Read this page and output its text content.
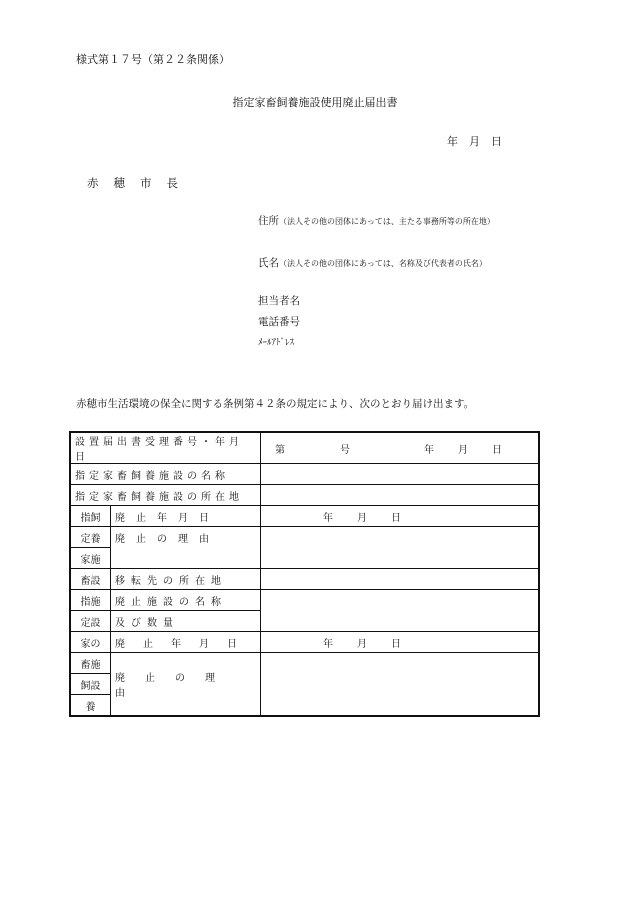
様式第１７号（第２２条関係）
指定家畜飼養施設使用廃止届出書
年　月　日
赤穂市長
住所（法人その他の団体にあっては、主たる事務所等の所在地）
氏名（法人その他の団体にあっては、名称及び代表者の氏名）
担当者名
電話番号
ﾒｰﾙｱﾄﾞﾚｽ
赤穂市生活環境の保全に関する条例第４２条の規定により、次のとおり届け出ます。
設置届出書受理番号・年月日		第 号 年 月 日
指定家畜飼養施設の名称		
指定家畜飼養施設の所在地		
指飼	廃止年月日	年 月 日
定養	廃止の理由	
家施		
畜設	移転先の所在地	
指施	廃止施設の名称	
定設	及び数量	
家の	廃止年月日	年 月 日
畜施	廃止の理由	
飼設		
養		
